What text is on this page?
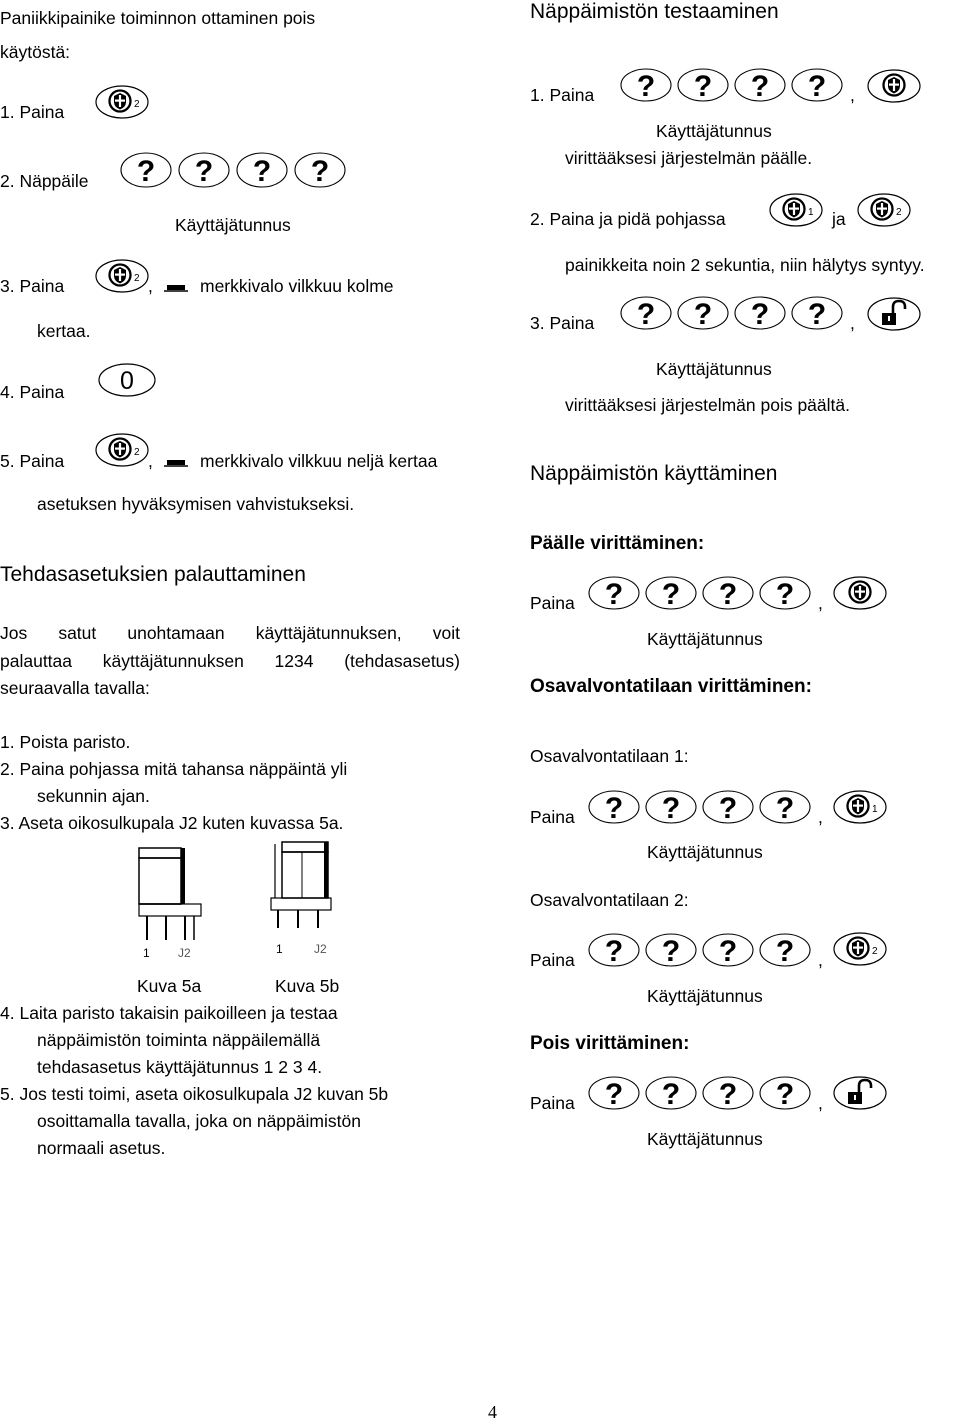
Paniikkipainike toiminnon ottaminen pois
käytöstä:
1. Paina	2
2. Näppäile ? ? ? ?
Käyttäjätunnus
3. Paina	2 ,	merkkivalo vilkkuu kolme
kertaa.
4. Paina 0
5. Paina	2 ,	merkkivalo vilkkuu neljä kertaa
asetuksen hyväksymisen vahvistukseksi.
Tehdasasetuksien palauttaminen
Jos satut unohtamaan käyttäjätunnuksen, voit
palauttaa käyttäjätunnuksen 1234 (tehdasasetus)
seuraavalla tavalla:
1. Poista paristo.
2. Paina pohjassa mitä tahansa näppäintä yli
sekunnin ajan.
3. Aseta oikosulkupala J2 kuten kuvassa 5a.
1 J2	1	J2
Kuva 5a	Kuva 5b
4. Laita paristo takaisin paikoilleen ja testaa
näppäimistön toiminta näppäilemällä
tehdasasetus käyttäjätunnus 1 2 3 4.
5. Jos testi toimi, aseta oikosulkupala J2 kuvan 5b
osoittamalla tavalla, joka on näppäimistön
normaali asetus.
Näppäimistön testaaminen
1. Paina ? ? ? ? ,
Käyttäjätunnus
virittääksesi järjestelmän päälle.
2. Paina ja pidä pohjassa	1 ja	2
painikkeita noin 2 sekuntia, niin hälytys syntyy.
3. Paina ? ? ? ? ,
Käyttäjätunnus
virittääksesi järjestelmän pois päältä.
Näppäimistön käyttäminen
Päälle virittäminen:
Paina ? ? ? ? ,
Käyttäjätunnus
Osavalvontatilaan virittäminen:
Osavalvontatilaan 1:
Paina ? ? ? ? ,	1
Käyttäjätunnus
Osavalvontatilaan 2:
Paina ? ? ? ? ,	2
Käyttäjätunnus
Pois virittäminen:
Paina ? ? ? ? ,
Käyttäjätunnus
4
